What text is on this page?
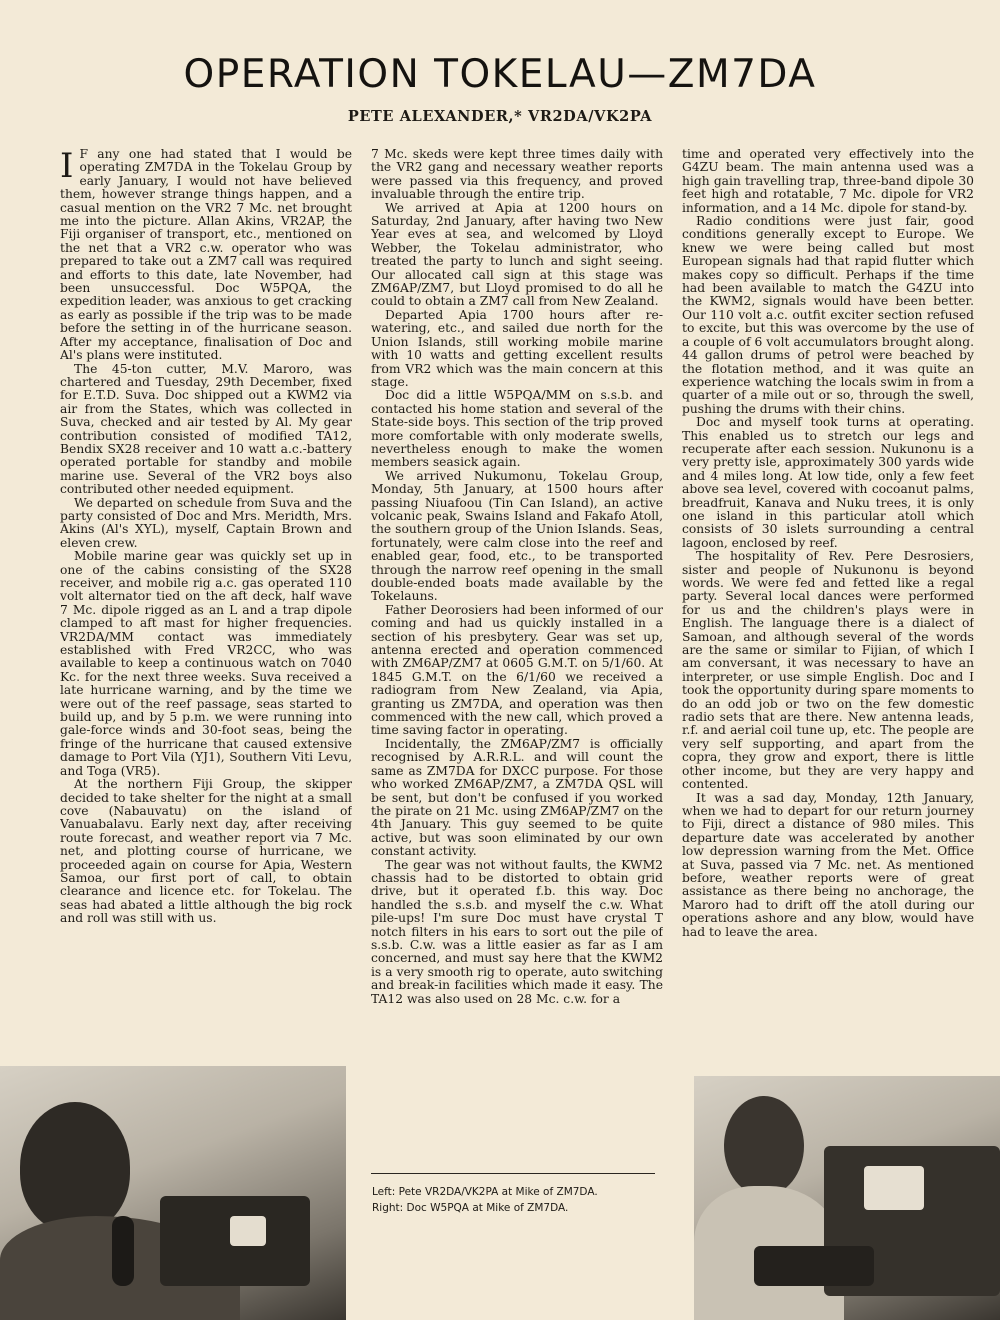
OPERATION TOKELAU—ZM7DA
PETE ALEXANDER,* VR2DA/VK2PA

I F any one had stated that I would be operating ZM7DA in the Tokelau Group by early January, I would not have believed them, however strange things happen, and a casual mention on the VR2 7 Mc. net brought me into the picture. Allan Akins, VR2AP, the Fiji organiser of transport, etc., mentioned on the net that a VR2 c.w. operator who was prepared to take out a ZM7 call was required and efforts to this date, late November, had been unsuccessful. Doc W5PQA, the expedition leader, was anxious to get cracking as early as possible if the trip was to be made before the setting in of the hurricane season. After my acceptance, finalisation of Doc and Al's plans were instituted.

The 45-ton cutter, M.V. Maroro, was chartered and Tuesday, 29th December, fixed for E.T.D. Suva. Doc shipped out a KWM2 via air from the States, which was collected in Suva, checked and air tested by Al. My gear contribution consisted of modified TA12, Bendix SX28 receiver and 10 watt a.c.-battery operated portable for standby and mobile marine use. Several of the VR2 boys also contributed other needed equipment.

We departed on schedule from Suva and the party consisted of Doc and Mrs. Meridth, Mrs. Akins (Al's XYL), myself, Captain Brown and eleven crew.

Mobile marine gear was quickly set up in one of the cabins consisting of the SX28 receiver, and mobile rig a.c. gas operated 110 volt alternator tied on the aft deck, half wave 7 Mc. dipole rigged as an L and a trap dipole clamped to aft mast for higher frequencies. VR2DA/MM contact was immediately established with Fred VR2CC, who was available to keep a continuous watch on 7040 Kc. for the next three weeks. Suva received a late hurricane warning, and by the time we were out of the reef passage, seas started to build up, and by 5 p.m. we were running into gale-force winds and 30-foot seas, being the fringe of the hurricane that caused extensive damage to Port Vila (YJ1), Southern Viti Levu, and Toga (VR5).

At the northern Fiji Group, the skipper decided to take shelter for the night at a small cove (Nabauvatu) on the island of Vanuabalavu. Early next day, after receiving route forecast, and weather report via 7 Mc. net, and plotting course of hurricane, we proceeded again on course for Apia, Western Samoa, our first port of call, to obtain clearance and licence etc. for Tokelau. The seas had abated a little although the big rock and roll was still with us.

7 Mc. skeds were kept three times daily with the VR2 gang and necessary weather reports were passed via this frequency, and proved invaluable through the entire trip.

We arrived at Apia at 1200 hours on Saturday, 2nd January, after having two New Year eves at sea, and welcomed by Lloyd Webber, the Tokelau administrator, who treated the party to lunch and sight seeing. Our allocated call sign at this stage was ZM6AP/ZM7, but Lloyd promised to do all he could to obtain a ZM7 call from New Zealand.

Departed Apia 1700 hours after re-watering, etc., and sailed due north for the Union Islands, still working mobile marine with 10 watts and getting excellent results from VR2 which was the main concern at this stage.

Doc did a little W5PQA/MM on s.s.b. and contacted his home station and several of the State-side boys. This section of the trip proved more comfortable with only moderate swells, nevertheless enough to make the women members seasick again.

We arrived Nukumonu, Tokelau Group, Monday, 5th January, at 1500 hours after passing Niuafoou (Tin Can Island), an active volcanic peak, Swains Island and Fakafo Atoll, the southern group of the Union Islands. Seas, fortunately, were calm close into the reef and enabled gear, food, etc., to be transported through the narrow reef opening in the small double-ended boats made available by the Tokelauns.

Father Deorosiers had been informed of our coming and had us quickly installed in a section of his presbytery. Gear was set up, antenna erected and operation commenced with ZM6AP/ZM7 at 0605 G.M.T. on 5/1/60. At 1845 G.M.T. on the 6/1/60 we received a radiogram from New Zealand, via Apia, granting us ZM7DA, and operation was then commenced with the new call, which proved a time saving factor in operating.

Incidentally, the ZM6AP/ZM7 is officially recognised by A.R.R.L. and will count the same as ZM7DA for DXCC purpose. For those who worked ZM6AP/ZM7, a ZM7DA QSL will be sent, but don't be confused if you worked the pirate on 21 Mc. using ZM6AP/ZM7 on the 4th January. This guy seemed to be quite active, but was soon eliminated by our own constant activity.

The gear was not without faults, the KWM2 chassis had to be distorted to obtain grid drive, but it operated f.b. this way. Doc handled the s.s.b. and myself the c.w. What pile-ups! I'm sure Doc must have crystal T notch filters in his ears to sort out the pile of s.s.b. C.w. was a little easier as far as I am concerned, and must say here that the KWM2 is a very smooth rig to operate, auto switching and break-in facilities which made it easy. The TA12 was also used on 28 Mc. c.w. for a

time and operated very effectively into the G4ZU beam. The main antenna used was a high gain travelling trap, three-band dipole 30 feet high and rotatable, 7 Mc. dipole for VR2 information, and a 14 Mc. dipole for stand-by.

Radio conditions were just fair, good conditions generally except to Europe. We knew we were being called but most European signals had that rapid flutter which makes copy so difficult. Perhaps if the time had been available to match the G4ZU into the KWM2, signals would have been better. Our 110 volt a.c. outfit exciter section refused to excite, but this was overcome by the use of a couple of 6 volt accumulators brought along. 44 gallon drums of petrol were beached by the flotation method, and it was quite an experience watching the locals swim in from a quarter of a mile out or so, through the swell, pushing the drums with their chins.

Doc and myself took turns at operating. This enabled us to stretch our legs and recuperate after each session. Nukunonu is a very pretty isle, approximately 300 yards wide and 4 miles long. At low tide, only a few feet above sea level, covered with cocoanut palms, breadfruit, Kanava and Nuku trees, it is only one island in this particular atoll which consists of 30 islets surrounding a central lagoon, enclosed by reef.

The hospitality of Rev. Pere Desrosiers, sister and people of Nukunonu is beyond words. We were fed and fetted like a regal party. Several local dances were performed for us and the children's plays were in English. The language there is a dialect of Samoan, and although several of the words are the same or similar to Fijian, of which I am conversant, it was necessary to have an interpreter, or use simple English. Doc and I took the opportunity during spare moments to do an odd job or two on the few domestic radio sets that are there. New antenna leads, r.f. and aerial coil tune up, etc. The people are very self supporting, and apart from the copra, they grow and export, there is little other income, but they are very happy and contented.

It was a sad day, Monday, 12th January, when we had to depart for our return journey to Fiji, direct a distance of 980 miles. This departure date was accelerated by another low depression warning from the Met. Office at Suva, passed via 7 Mc. net. As mentioned before, weather reports were of great assistance as there being no anchorage, the Maroro had to drift off the atoll during our operations ashore and any blow, would have had to leave the area.

Left: Pete VR2DA/VK2PA at Mike of ZM7DA.
Right: Doc W5PQA at Mike of ZM7DA.
